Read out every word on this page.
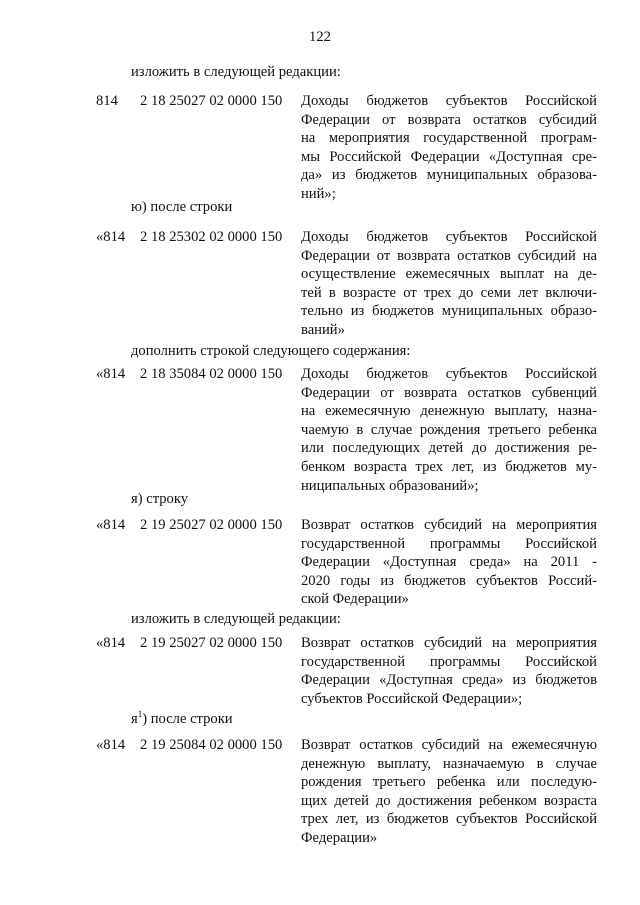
122
изложить в следующей редакции:
814 2 18 25027 02 0000 150 Доходы бюджетов субъектов Российской
Федерации от возврата остатков субсидий
на мероприятия государственной програм-
мы Российской Федерации «Доступная сре-
да» из бюджетов муниципальных образова-
ний»;
ю) после строки
«814 2 18 25302 02 0000 150 Доходы бюджетов субъектов Российской
Федерации от возврата остатков субсидий на
осуществление ежемесячных выплат на де-
тей в возрасте от трех до семи лет включи-
тельно из бюджетов муниципальных образо-
ваний»
дополнить строкой следующего содержания:
«814 2 18 35084 02 0000 150 Доходы бюджетов субъектов Российской
Федерации от возврата остатков субвенций
на ежемесячную денежную выплату, назна-
чаемую в случае рождения третьего ребенка
или последующих детей до достижения ре-
бенком возраста трех лет, из бюджетов му-
ниципальных образований»;
я) строку
«814 2 19 25027 02 0000 150 Возврат остатков субсидий на мероприятия
государственной программы Российской
Федерации «Доступная среда» на 2011 -
2020 годы из бюджетов субъектов Россий-
ской Федерации»
изложить в следующей редакции:
«814 2 19 25027 02 0000 150 Возврат остатков субсидий на мероприятия
государственной программы Российской
Федерации «Доступная среда» из бюджетов
субъектов Российской Федерации»;
$я^1$) после строки
«814 2 19 25084 02 0000 150 Возврат остатков субсидий на ежемесячную
денежную выплату, назначаемую в случае
рождения третьего ребенка или последую-
щих детей до достижения ребенком возраста
трех лет, из бюджетов субъектов Российской
Федерации»
